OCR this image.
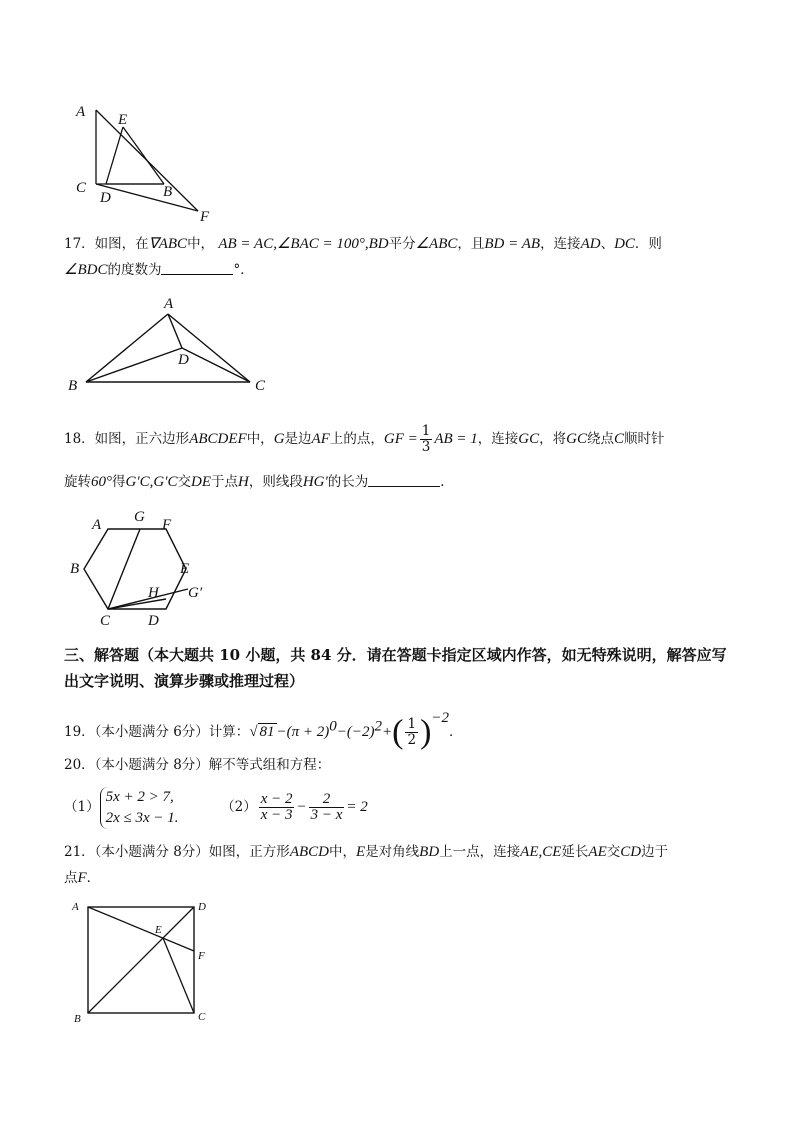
A E
C
D	B
F
17．如图，在∇ABC中， AB = AC,∠BAC = 100°,BD平分∠ABC，且BD = AB，连接AD、DC．则
∠BDC的度数为	°．
A
D
B	C
18．如图，正六边形ABCDEF中，G是边AF上的点，GF = $\frac{1}{3}$ AB = 1，连接GC，将GC绕点C顺时针
旋转60°得G′C,G′C交DE于点H，则线段HG′的长为	．
A G F
B	E
H G′
C	D
三、解答题（本大题共 10 小题，共 84 分．请在答题卡指定区域内作答，如无特殊说明，解答应写出文字说明、演算步骤或推理过程）
19．（本小题满分 6分）计算：√ $81 -(\pi + 2)^0-(-2)^2+( \frac{1}{2} )^{-2}$．
20．（本小题满分 8分）解不等式组和方程：
（1）
5x + 2 > 7,
2x ≤ 3x − 1.
$(2) \frac{x - 2}{x - 3} - \frac{2}{3 - x} = 2$
21．（本小题满分 8分）如图，正方形ABCD中，E是对角线BD上一点，连接AE,CE延长AE交CD边于
点F．
A	D
E
F
B	C
